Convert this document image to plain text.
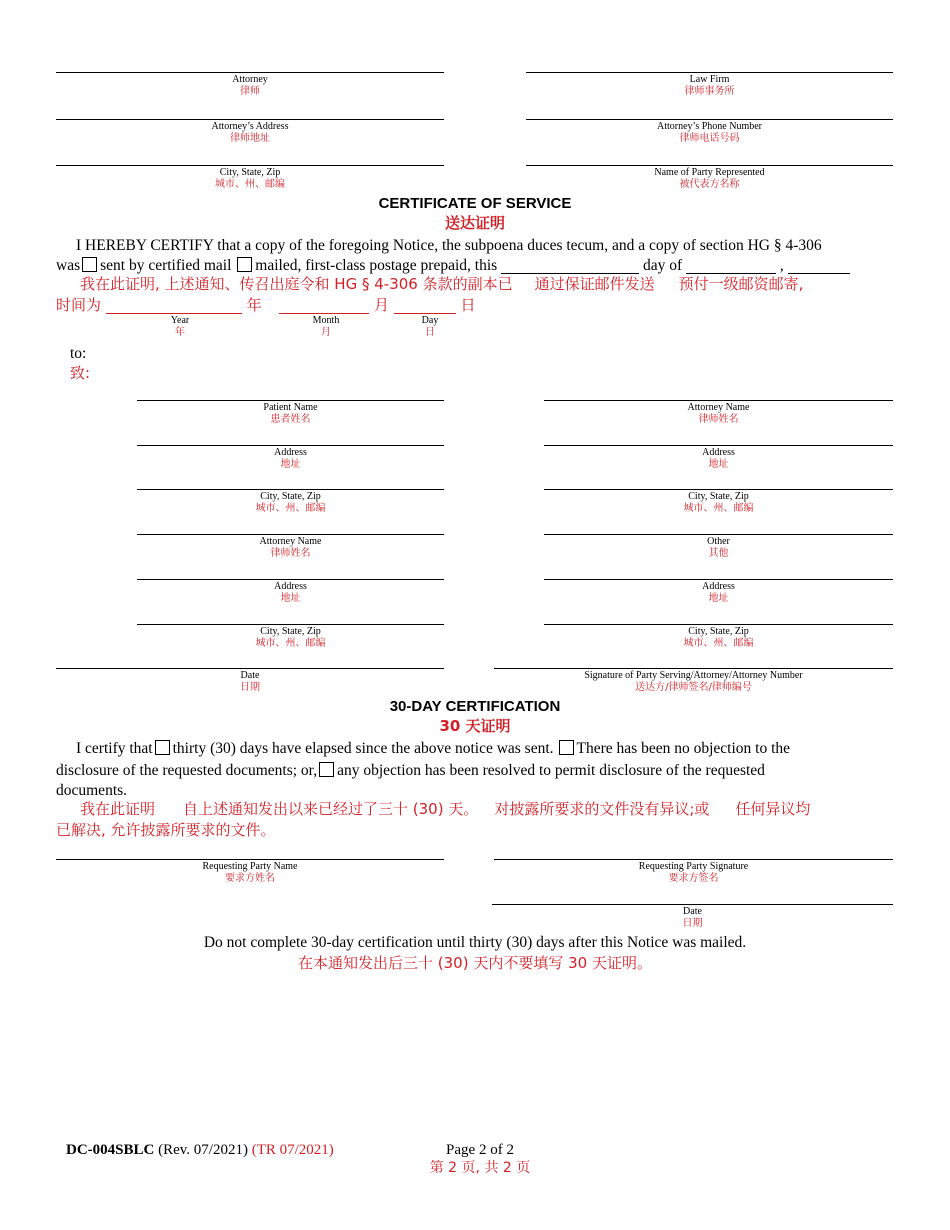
Attorney
律师
Law Firm
律师事务所
Attorney’s Address
律师地址
Attorney’s Phone Number
律师电话号码
City, State, Zip
城市、州、邮编
Name of Party Represented
被代表方名称
CERTIFICATE OF SERVICE
送达证明
I HEREBY CERTIFY that a copy of the foregoing Notice, the subpoena duces tecum, and a copy of section HG § 4-306
was sent by certified mail mailed, first-class postage prepaid, this	day of	,
我在此证明, 上述通知、传召出庭令和 HG § 4-306 条款的副本已 通过保证邮件发送 预付一级邮资邮寄,
时间为	年	月	日
Year
年
Month
月
Day
日
to:
致:
Patient Name
患者姓名
Attorney Name
律师姓名
Address
地址
Address
地址
City, State, Zip
城市、州、邮编
City, State, Zip
城市、州、邮编
Attorney Name
律师姓名
Other
其他
Address
地址
Address
地址
City, State, Zip
城市、州、邮编
City, State, Zip
城市、州、邮编
Date
日期
Signature of Party Serving/Attorney/Attorney Number
送达方/律师签名/律师编号
30-DAY CERTIFICATION
30 天证明
I certify that thirty (30) days have elapsed since the above notice was sent. There has been no objection to the
disclosure of the requested documents; or, any objection has been resolved to permit disclosure of the requested
documents.
我在此证明 自上述通知发出以来已经过了三十 (30) 天。 对披露所要求的文件没有异议;或 任何异议均
已解决, 允许披露所要求的文件。
Requesting Party Name
要求方姓名
Requesting Party Signature
要求方签名
Date
日期
Do not complete 30-day certification until thirty (30) days after this Notice was mailed.
在本通知发出后三十 (30) 天内不要填写 30 天证明。
DC-004SBLC (Rev. 07/2021) (TR 07/2021)	Page 2 of 2
第 2 页, 共 2 页
